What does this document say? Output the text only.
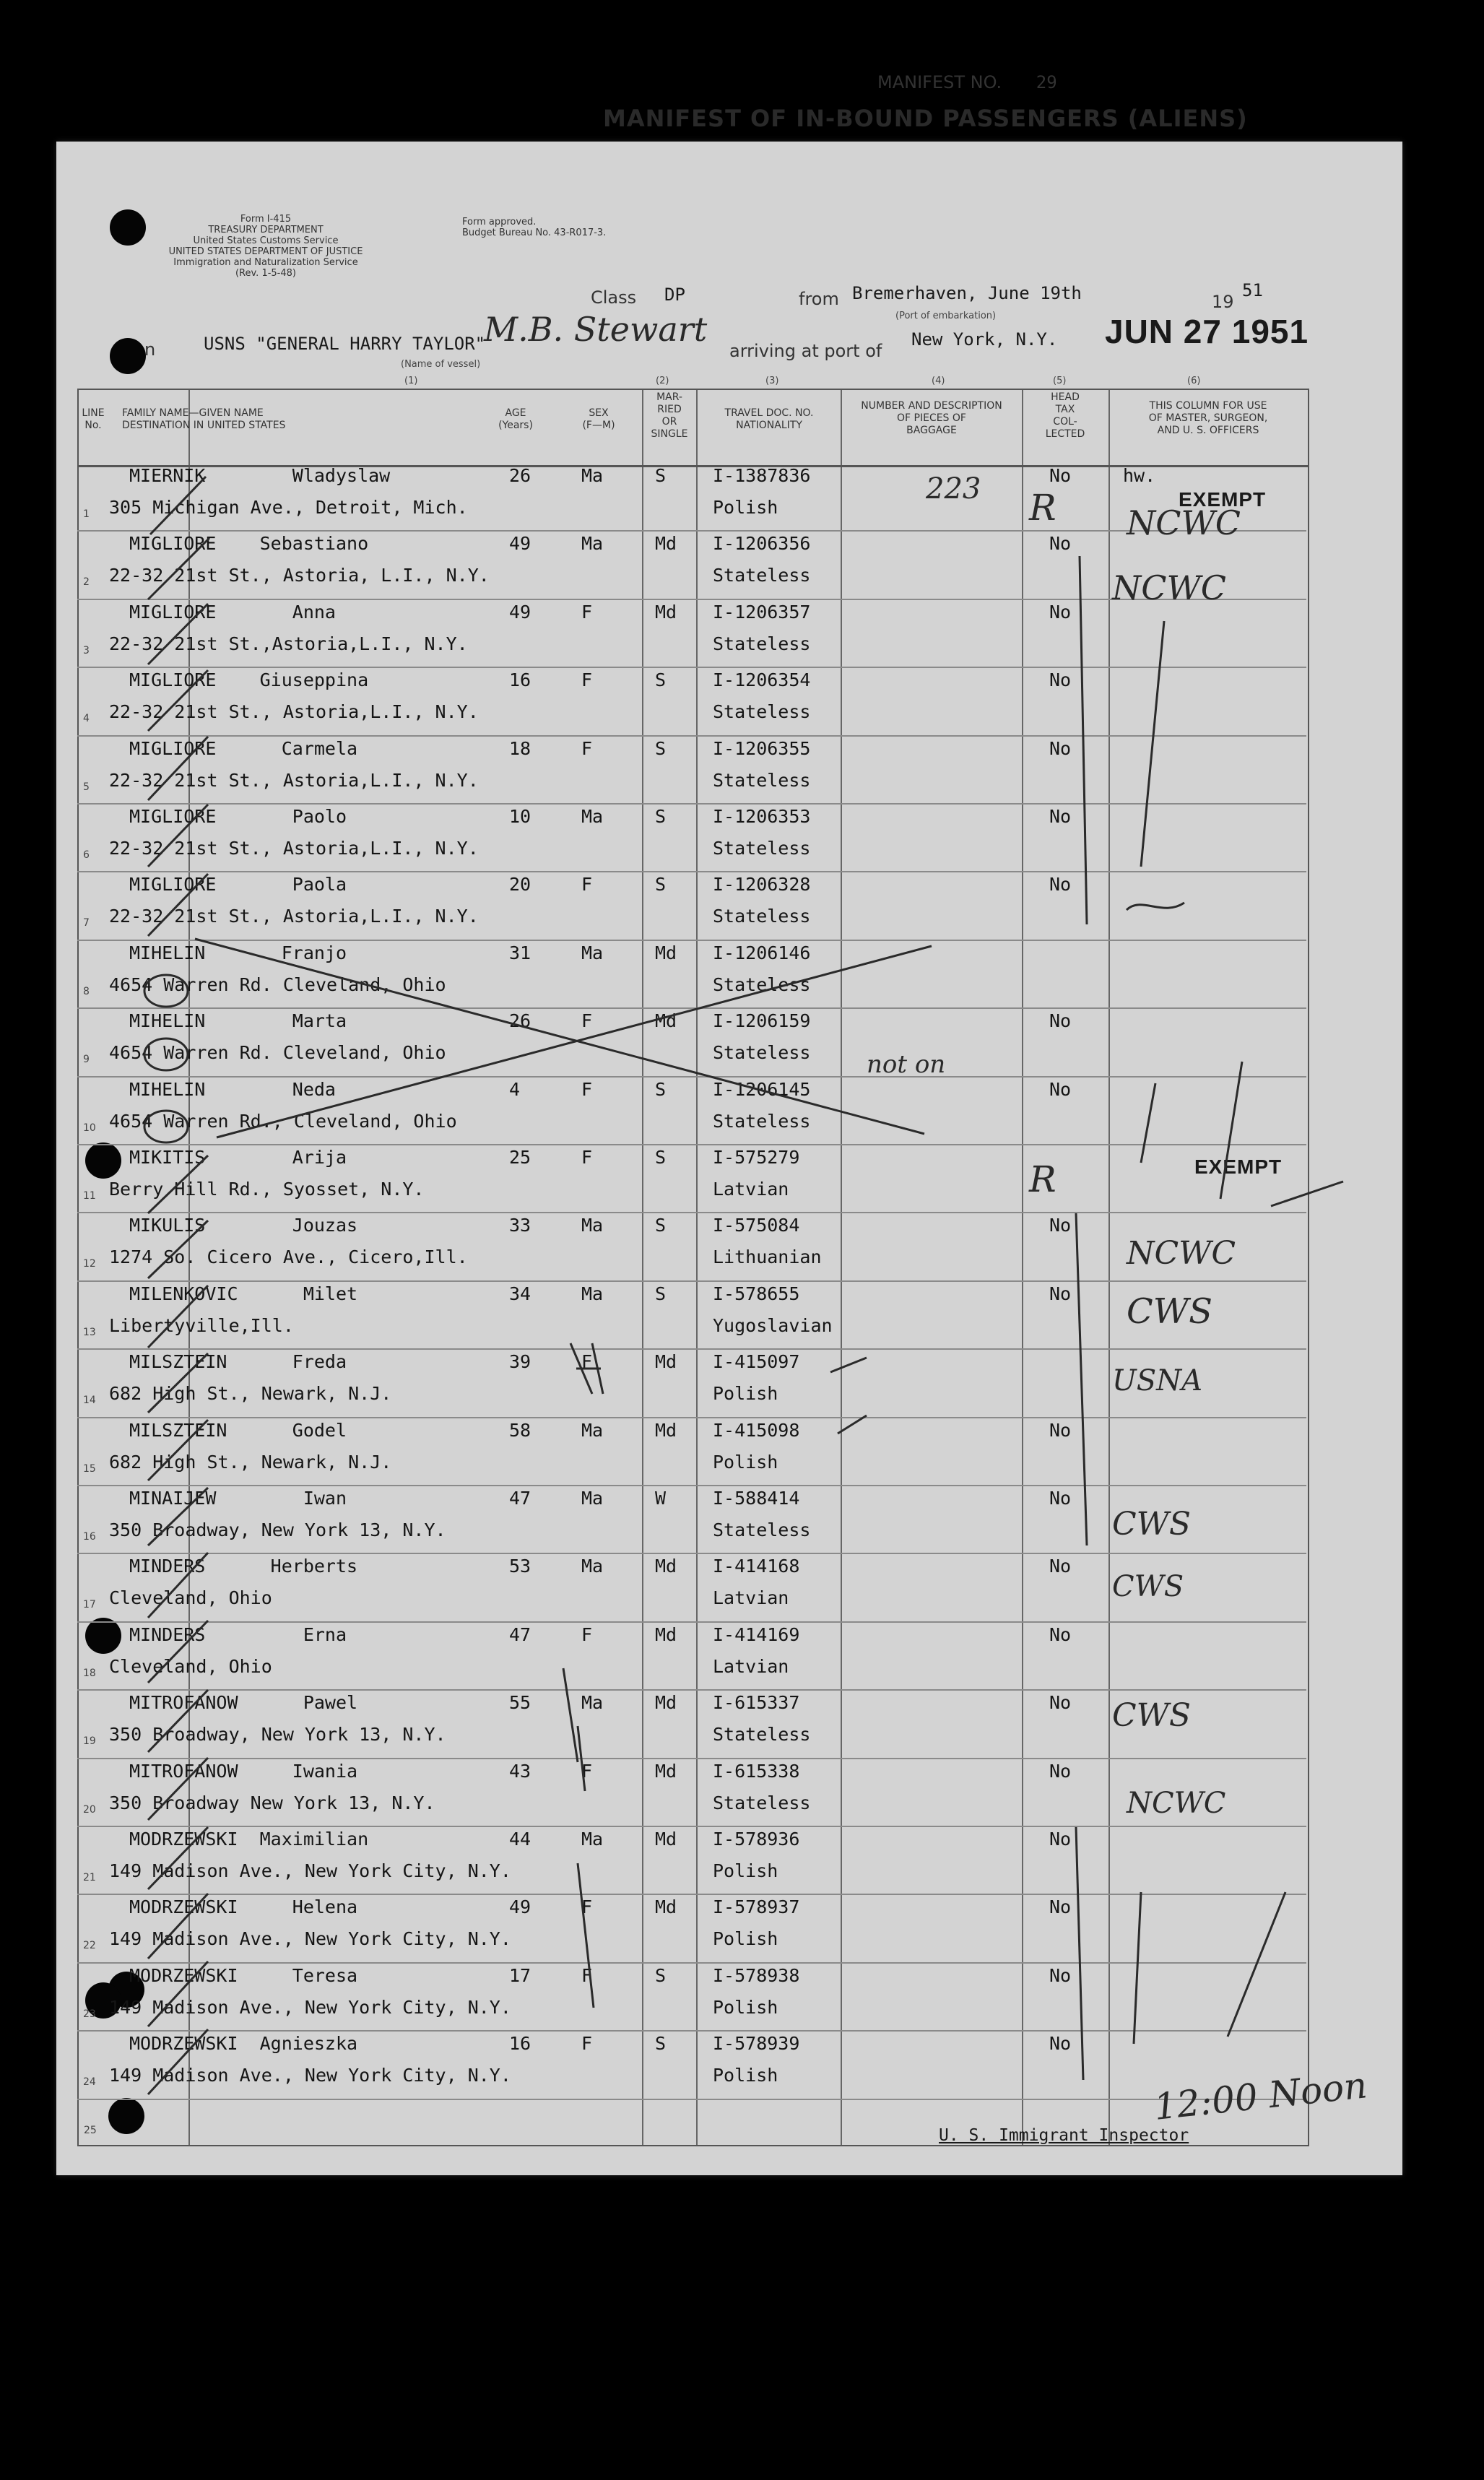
Form I-415
TREASURY DEPARTMENT
United States Customs Service
UNITED STATES DEPARTMENT OF JUSTICE
Immigration and Naturalization Service
(Rev. 1-5-48)
Form approved.
Budget Bureau No. 43-R017-3.
MANIFEST NO. 29
MANIFEST OF IN-BOUND PASSENGERS (ALIENS)
Class DP	from Bremerhaven, June 19th	19
51
(Port of embarkation)
n	USNS "GENERAL HARRY TAYLOR"
(Name of vessel)
arriving at port of
New York, N.Y. JUN 27 1951
(1)	(2)	(3)	(4)	(5)	(6)
LINE
No.
FAMILY NAME—GIVEN NAME
DESTINATION IN UNITED STATES
AGE
(Years)
SEX
(F—M)
MAR-
RIED
OR
SINGLE
TRAVEL DOC. NO.
NATIONALITY
NUMBER AND DESCRIPTION
OF PIECES OF
BAGGAGE
HEAD
TAX
COL-
LECTED
THIS COLUMN FOR USE
OF MASTER, SURGEON,
AND U. S. OFFICERS
1
MIERNIK        Wladyslaw	26	Ma	S	I-1387836
305 Michigan Ave., Detroit, Mich.	Polish
No	hw.
2
MIGLIORE    Sebastiano	49	Ma	Md I-1206356
22-32 21st St., Astoria, L.I., N.Y.	Stateless
No
3
MIGLIORE       Anna	49	F	Md I-1206357
22-32 21st St.,Astoria,L.I., N.Y.	Stateless
No
4
MIGLIORE    Giuseppina	16	F	S	I-1206354
22-32 21st St., Astoria,L.I., N.Y.	Stateless
No
5
MIGLIORE      Carmela	18	F	S	I-1206355
22-32 21st St., Astoria,L.I., N.Y.	Stateless
No
6
MIGLIORE       Paolo	10	Ma	S	I-1206353
22-32 21st St., Astoria,L.I., N.Y.	Stateless
No
7
MIGLIORE       Paola	20	F	S	I-1206328
22-32 21st St., Astoria,L.I., N.Y.	Stateless
No
8
MIHELIN       Franjo	31	Ma	Md I-1206146
4654 Warren Rd. Cleveland, Ohio	Stateless
9
MIHELIN        Marta	26	F	Md I-1206159
4654 Warren Rd. Cleveland, Ohio	Stateless
No
10
MIHELIN        Neda	4	F	S	I-1206145
4654 Warren Rd., Cleveland, Ohio	Stateless
No
11
MIKITIS        Arija	25	F	S	I-575279
Berry Hill Rd., Syosset, N.Y.	Latvian
12
MIKULIS        Jouzas	33	Ma	S	I-575084
1274 So. Cicero Ave., Cicero,Ill.	Lithuanian
No
13
MILENKOVIC      Milet	34	Ma	S	I-578655
Libertyville,Ill.	Yugoslavian
No
14
MILSZTEIN      Freda	39	F	Md I-415097
682 High St., Newark, N.J.	Polish
15
MILSZTEIN      Godel	58	Ma	Md I-415098
682 High St., Newark, N.J.	Polish
No
16
MINAIJEW        Iwan	47	Ma	W	I-588414
350 Broadway, New York 13, N.Y.	Stateless
No
17
MINDERS      Herberts	53	Ma	Md I-414168
Cleveland, Ohio	Latvian
No
18
MINDERS         Erna	47	F	Md I-414169
Cleveland, Ohio	Latvian
No
19
MITROFANOW      Pawel	55	Ma	Md I-615337
350 Broadway, New York 13, N.Y.	Stateless
No
20
MITROFANOW     Iwania	43	F	Md I-615338
350 Broadway New York 13, N.Y.	Stateless
No
21
MODRZEWSKI  Maximilian	44	Ma	Md I-578936
149 Madison Ave., New York City, N.Y.	Polish
No
22
MODRZEWSKI     Helena	49	F	Md I-578937
149 Madison Ave., New York City, N.Y.	Polish
No
23
MODRZEWSKI     Teresa	17	F	S	I-578938
149 Madison Ave., New York City, N.Y.	Polish
No
24
MODRZEWSKI  Agnieszka	16	F	S	I-578939
149 Madison Ave., New York City, N.Y.	Polish
No
25	U. S. Immigrant Inspector
EXEMPT
EXEMPT
M.B. Stewart
223 R
R
NCWC
NCWC
not on
NCWC
CWS
USNA
CWS
CWS
CWS
NCWC
12:00 Noon
